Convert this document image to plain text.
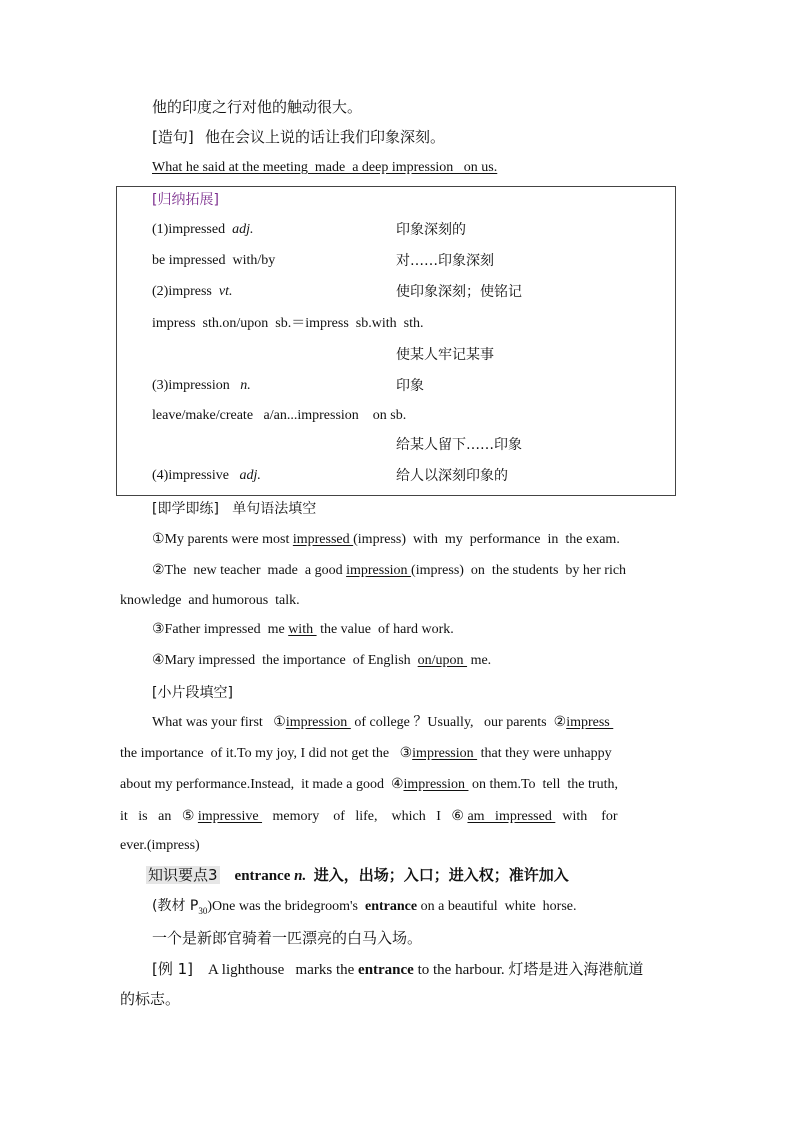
他的印度之行对他的触动很大。
[造句] 他在会议上说的话让我们印象深刻。
What he said at the meeting  made  a deep impression   on us.
[归纳拓展]
(1)impressed  adj.	印象深刻的
be impressed  with/by	对……印象深刻
(2)impress  vt.	使印象深刻；使铭记
impress  sth.on/upon  sb.＝impress  sb.with  sth.
使某人牢记某事
(3)impression   n.	印象
leave/make/create   a/an...impression    on sb.
给某人留下……印象
(4)impressive   adj.	给人以深刻印象的
[即学即练] 单句语法填空
①My parents were most impressed (impress)  with  my  performance  in  the exam.
②The  new teacher  made  a good impression (impress)  on  the students  by her rich
knowledge  and humorous  talk.
③Father impressed  me with  the value  of hard work.
④Mary impressed  the importance  of English  on/upon  me.
[小片段填空]
What was your first   ①impression  of college ？Usually,   our parents  ②impress
the importance  of it.To my joy, I did not get the   ③impression  that they were unhappy
about my performance.Instead,  it made a good  ④impression  on them.To  tell  the truth,
it   is   an   ⑤ impressive    memory    of   life,    which   I   ⑥ am   impressed   with    for
ever.(impress)
知识要点3 entrance n. 进入，出场；入口；进入权；准许加入
(教材 $P_{30})One$ was the bridegroom's  entrance on a beautiful  white  horse.
一个是新郎官骑着一匹漂亮的白马入场。
[例 1]    A lighthouse   marks the entrance to the harbour. 灯塔是进入海港航道
的标志。
